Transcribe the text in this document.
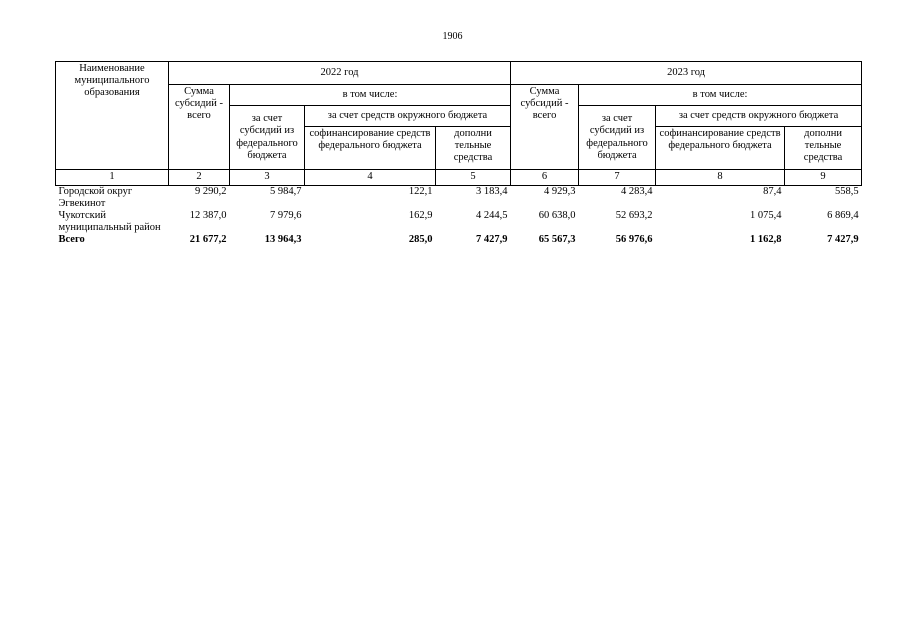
1906
Наименование муниципального образования	2022 год				2023 год			
	Сумма субсидий - всего	в том числе:			Сумма субсидий - всего	в том числе:		
		за счет субсидий из федерального бюджета	за счет средств окружного бюджета			за счет субсидий из федерального бюджета	за счет средств окружного бюджета	
			софинансирование средств федерального бюджета	дополни тельные средства			софинансирование средств федерального бюджета	дополни тельные средства
1	2	3	4	5	6	7	8	9
Городской округ Эгвекинот	9 290,2	5 984,7	122,1	3 183,4	4 929,3	4 283,4	87,4	558,5
Чукотский муниципальный район	12 387,0	7 979,6	162,9	4 244,5	60 638,0	52 693,2	1 075,4	6 869,4
Всего	21 677,2	13 964,3	285,0	7 427,9	65 567,3	56 976,6	1 162,8	7 427,9
